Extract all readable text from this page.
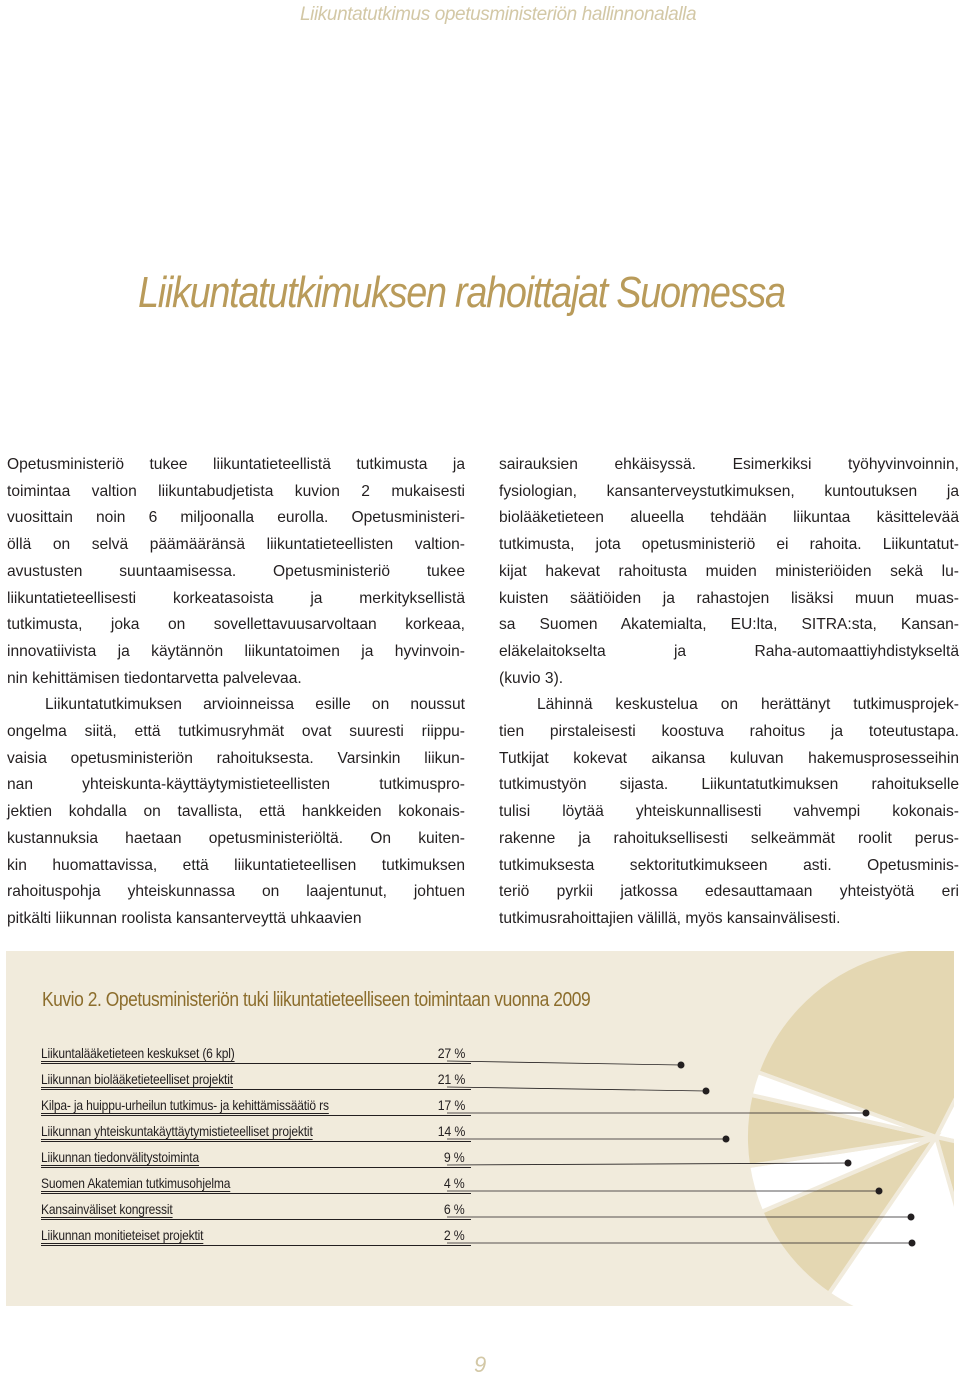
Liikuntatutkimus opetusministeriön hallinnonalalla
Liikuntatutkimuksen rahoittajat Suomessa

Opetusministeriö tukee liikuntatieteellistä tutkimusta ja
toimintaa valtion liikuntabudjetista kuvion 2 mukaisesti
vuosittain noin 6 miljoonalla eurolla. Opetusministeri-
öllä on selvä päämääränsä liikuntatieteellisten valtion-
avustusten suuntaamisessa. Opetusministeriö tukee
liikuntatieteellisesti korkeatasoista ja merkityksellistä
tutkimusta, joka on sovellettavuusarvoltaan korkeaa,
innovatiivista ja käytännön liikuntatoimen ja hyvinvoin-
nin kehittämisen tiedontarvetta palvelevaa.

Liikuntatutkimuksen arvioinneissa esille on noussut
ongelma siitä, että tutkimusryhmät ovat suuresti riippu-
vaisia opetusministeriön rahoituksesta. Varsinkin liikun-
nan yhteiskunta-käyttäytymistieteellisten tutkimuspro-
jektien kohdalla on tavallista, että hankkeiden kokonais-
kustannuksia haetaan opetusministeriöltä. On kuiten-
kin huomattavissa, että liikuntatieteellisen tutkimuksen
rahoituspohja yhteiskunnassa on laajentunut, johtuen
pitkälti liikunnan roolista kansanterveyttä uhkaavien

sairauksien ehkäisyssä. Esimerkiksi työhyvinvoinnin,
fysiologian, kansanterveystutkimuksen, kuntoutuksen ja
biolääketieteen alueella tehdään liikuntaa käsittelevää
tutkimusta, jota opetusministeriö ei rahoita. Liikuntatut-
kijat hakevat rahoitusta muiden ministeriöiden sekä lu-
kuisten säätiöiden ja rahastojen lisäksi muun muas-
sa Suomen Akatemialta, EU:lta, SITRA:sta, Kansan-
eläkelaitokselta ja Raha-automaattiyhdistykseltä
(kuvio 3).

Lähinnä keskustelua on herättänyt tutkimusprojek-
tien pirstaleisesti koostuva rahoitus ja toteutustapa.
Tutkijat kokevat aikansa kuluvan hakemusprosesseihin
tutkimustyön sijasta. Liikuntatutkimuksen rahoitukselle
tulisi löytää yhteiskunnallisesti vahvempi kokonais-
rakenne ja rahoituksellisesti selkeämmät roolit perus-
tutkimuksesta sektoritutkimukseen asti. Opetusminis-
teriö pyrkii jatkossa edesauttamaan yhteistyötä eri
tutkimusrahoittajien välillä, myös kansainvälisesti.

Kuvio 2. Opetusministeriön tuki liikuntatieteelliseen toimintaan vuonna 2009
Liikuntalääketieteen keskukset (6 kpl)	27 %
Liikunnan biolääketieteelliset projektit	21 %
Kilpa- ja huippu-urheilun tutkimus- ja kehittämissäätiö rs	17 %
Liikunnan yhteiskuntakäyttäytymistieteelliset projektit	14 %
Liikunnan tiedonvälitystoiminta	9 %
Suomen Akatemian tutkimusohjelma	4 %
Kansainväliset kongressit	6 %
Liikunnan monitieteiset projektit	2 %
9
